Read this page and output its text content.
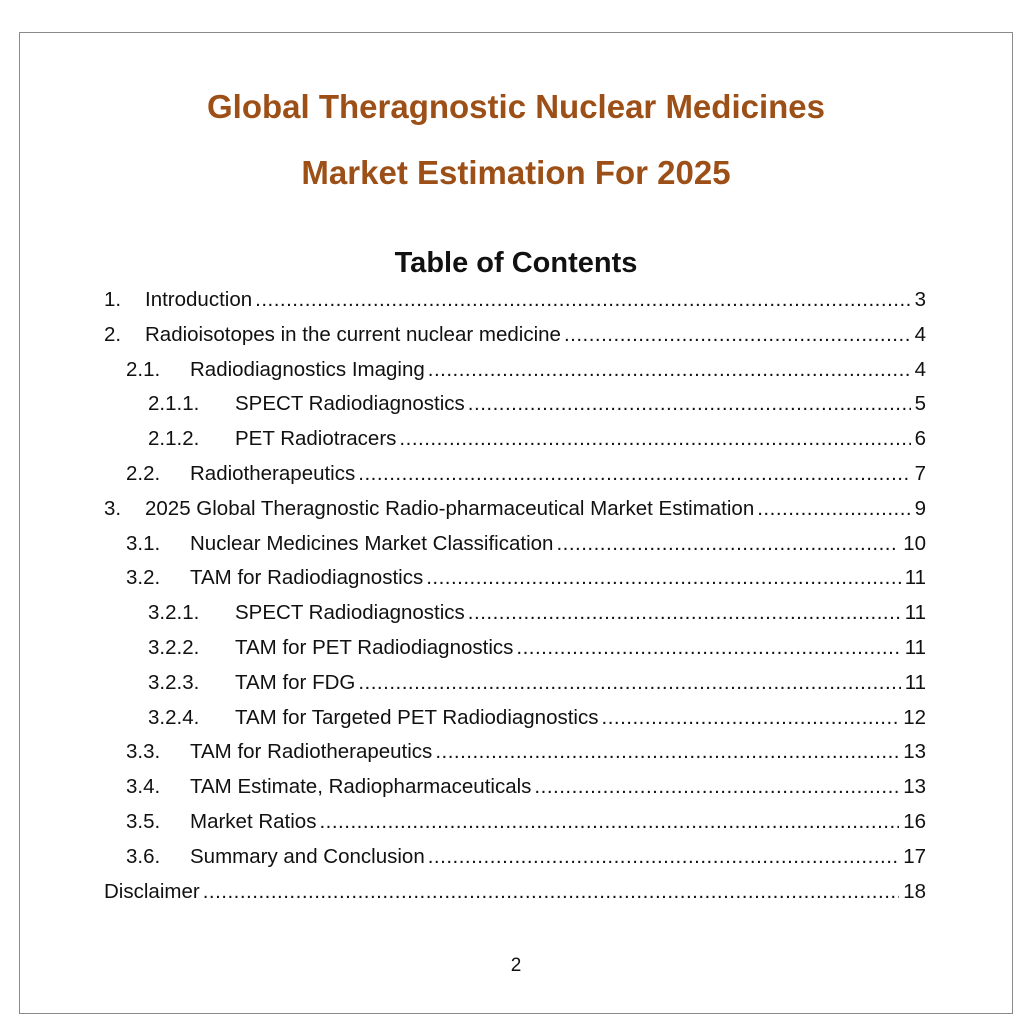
Global Theragnostic Nuclear Medicines
Market Estimation For 2025
Table of Contents
1.	Introduction .....	3
2.	Radioisotopes in the current nuclear medicine .....	4
2.1.	Radiodiagnostics Imaging .....	4
2.1.1.	SPECT Radiodiagnostics .....	5
2.1.2.	PET Radiotracers .....	6
2.2.	Radiotherapeutics .....	7
3.	2025 Global Theragnostic Radio-pharmaceutical Market Estimation .....	9
3.1.	Nuclear Medicines Market Classification .....	10
3.2.	TAM for Radiodiagnostics .....	11
3.2.1.	SPECT Radiodiagnostics .....	11
3.2.2.	TAM for PET Radiodiagnostics .....	11
3.2.3.	TAM for FDG .....	11
3.2.4.	TAM for Targeted PET Radiodiagnostics .....	12
3.3.	TAM for Radiotherapeutics .....	13
3.4.	TAM Estimate, Radiopharmaceuticals .....	13
3.5.	Market Ratios .....	16
3.6.	Summary and Conclusion .....	17
Disclaimer .....	18
2
